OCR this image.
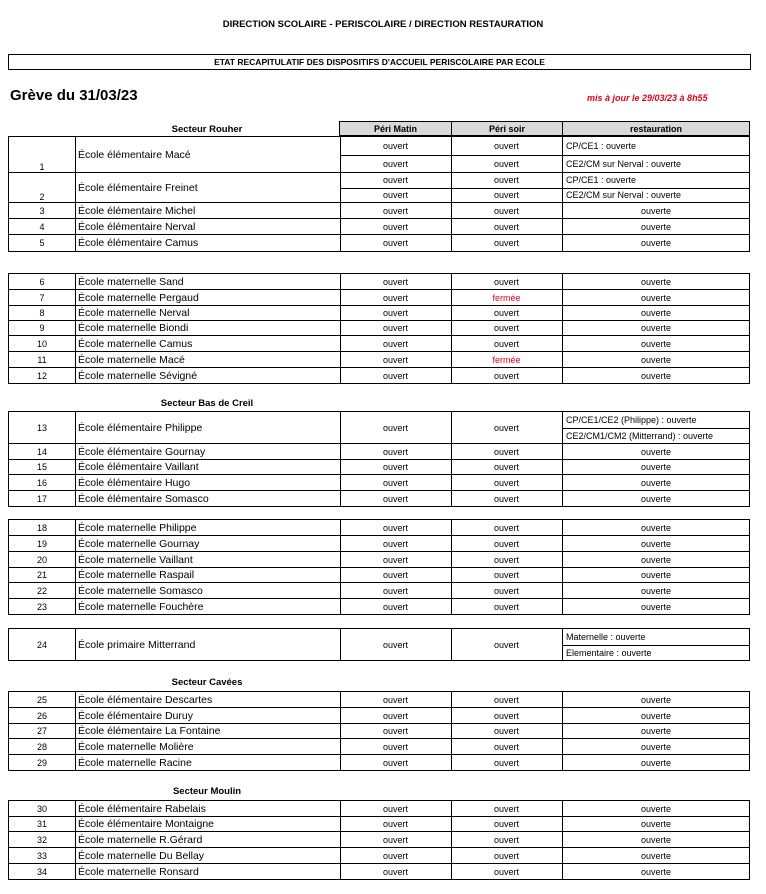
DIRECTION SCOLAIRE - PERISCOLAIRE / DIRECTION RESTAURATION
ETAT RECAPITULATIF DES DISPOSITIFS D'ACCUEIL PERISCOLAIRE PAR ECOLE
Grève du 31/03/23	mis à jour le 29/03/23 à 8h55
Secteur Rouher
Secteur Bas de Creil
Secteur Cavées
Secteur Moulin
Péri Matin	Péri soir	restauration
1
École élémentaire Macé
ouvert	ouvert	CP/CE1 : ouverte
ouvert	ouvert	CE2/CM sur Nerval : ouverte
2
École élémentaire Freinet
ouvert	ouvert	CP/CE1 : ouverte
ouvert	ouvert	CE2/CM sur Nerval : ouverte
3	École élémentaire Michel	ouvert	ouvert	ouverte
4	École élémentaire Nerval	ouvert	ouvert	ouverte
5	École élémentaire Camus	ouvert	ouvert	ouverte
6	École maternelle Sand	ouvert	ouvert	ouverte
7	École maternelle Pergaud	ouvert	fermée	ouverte
8	École maternelle Nerval	ouvert	ouvert	ouverte
9	École maternelle Biondi	ouvert	ouvert	ouverte
10	École maternelle Camus	ouvert	ouvert	ouverte
11	École maternelle Macé	ouvert	fermée	ouverte
12	École maternelle Sévigné	ouvert	ouvert	ouverte
13	École élémentaire Philippe	ouvert	ouvert
CP/CE1/CE2 (Philippe) : ouverte
CE2/CM1/CM2 (Mitterrand) : ouverte
14	École élémentaire Gournay	ouvert	ouvert	ouverte
15	École élémentaire Vaillant	ouvert	ouvert	ouverte
16	École élémentaire Hugo	ouvert	ouvert	ouverte
17	École élémentaire Somasco	ouvert	ouvert	ouverte
18	École maternelle Philippe	ouvert	ouvert	ouverte
19	École maternelle Gournay	ouvert	ouvert	ouverte
20	École maternelle Vaillant	ouvert	ouvert	ouverte
21	École maternelle Raspail	ouvert	ouvert	ouverte
22	École maternelle Somasco	ouvert	ouvert	ouverte
23	École maternelle Fouchère	ouvert	ouvert	ouverte
24	École primaire Mitterrand	ouvert	ouvert
Maternelle : ouverte
Elementaire : ouverte
25	École élémentaire Descartes	ouvert	ouvert	ouverte
26	École élémentaire Duruy	ouvert	ouvert	ouverte
27	École élémentaire La Fontaine	ouvert	ouvert	ouverte
28	École maternelle Molière	ouvert	ouvert	ouverte
29	École maternelle Racine	ouvert	ouvert	ouverte
30	École élémentaire Rabelais	ouvert	ouvert	ouverte
31	École élémentaire Montaigne	ouvert	ouvert	ouverte
32	École maternelle R.Gérard	ouvert	ouvert	ouverte
33	École maternelle Du Bellay	ouvert	ouvert	ouverte
34	École maternelle Ronsard	ouvert	ouvert	ouverte
